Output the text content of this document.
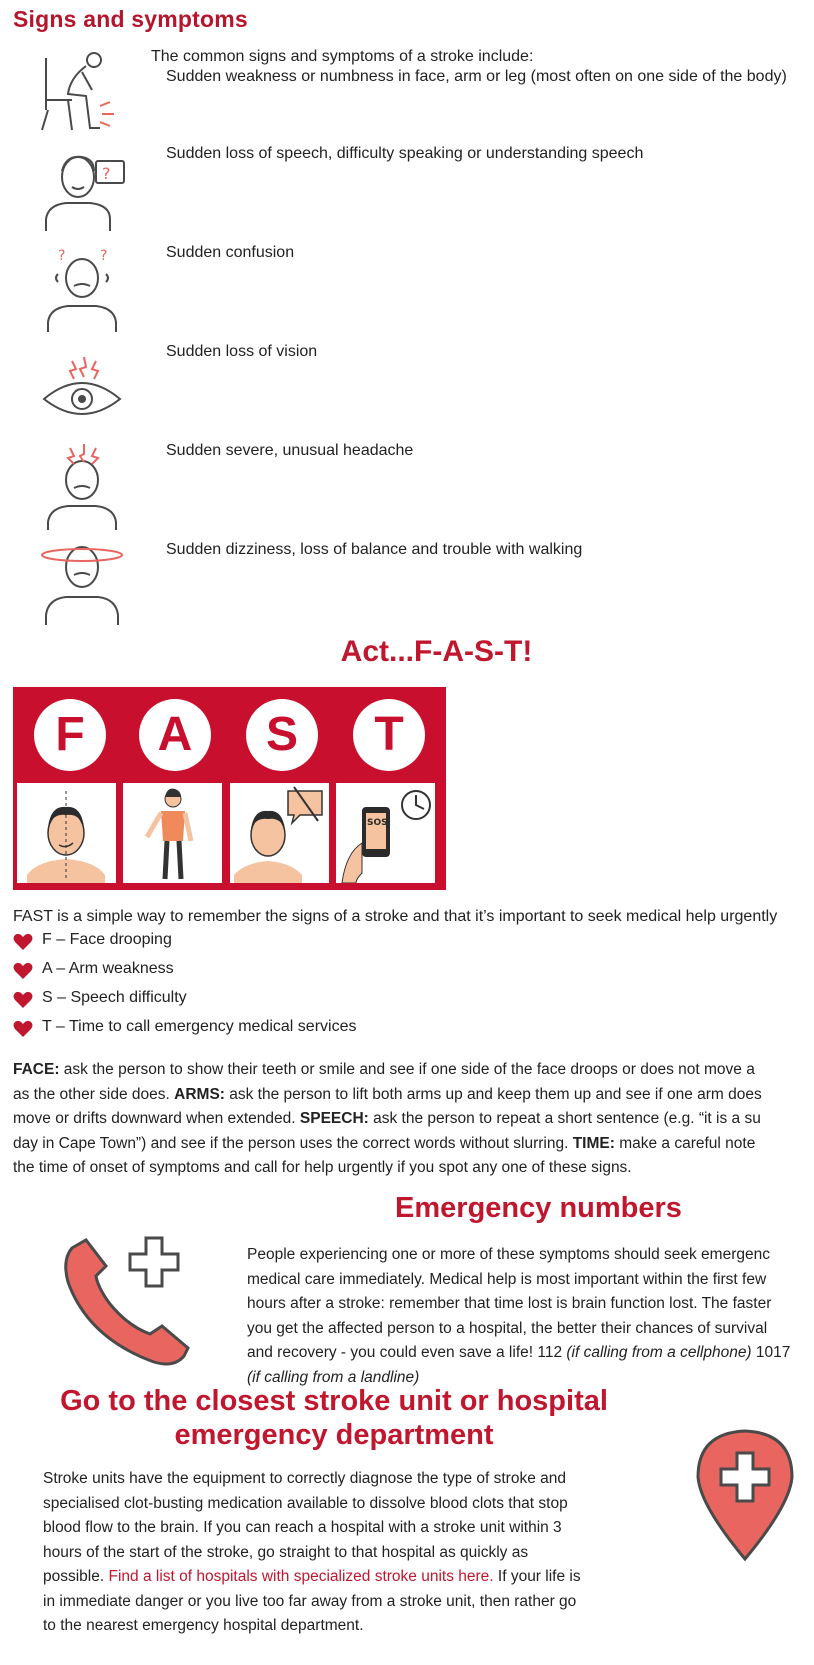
Signs and symptoms
The common signs and symptoms of a stroke include:
Sudden weakness or numbness in face, arm or leg (most often on one side of the body)
?
Sudden loss of speech, difficulty speaking or understanding speech
? ?	Sudden confusion
Sudden loss of vision
Sudden severe, unusual headache
Sudden dizziness, loss of balance and trouble with walking
Act...F-A-S-T!
F	A	S	T
SOS
FAST is a simple way to remember the signs of a stroke and that it’s important to seek medical help urgently
F – Face drooping
A – Arm weakness
S – Speech difficulty
T – Time to call emergency medical services
FACE: ask the person to show their teeth or smile and see if one side of the face droops or does not move a
as the other side does. ARMS: ask the person to lift both arms up and keep them up and see if one arm does
move or drifts downward when extended. SPEECH: ask the person to repeat a short sentence (e.g. “it is a su
day in Cape Town”) and see if the person uses the correct words without slurring. TIME: make a careful note
the time of onset of symptoms and call for help urgently if you spot any one of these signs.
Emergency numbers
People experiencing one or more of these symptoms should seek emergenc
medical care immediately. Medical help is most important within the first few
hours after a stroke: remember that time lost is brain function lost. The faster
you get the affected person to a hospital, the better their chances of survival
and recovery - you could even save a life! 112 (if calling from a cellphone) 1017
(if calling from a landline)
Go to the closest stroke unit or hospital
emergency department
Stroke units have the equipment to correctly diagnose the type of stroke and
specialised clot-busting medication available to dissolve blood clots that stop
blood flow to the brain. If you can reach a hospital with a stroke unit within 3
hours of the start of the stroke, go straight to that hospital as quickly as
possible. Find a list of hospitals with specialized stroke units here. If your life is
in immediate danger or you live too far away from a stroke unit, then rather go
to the nearest emergency hospital department.
